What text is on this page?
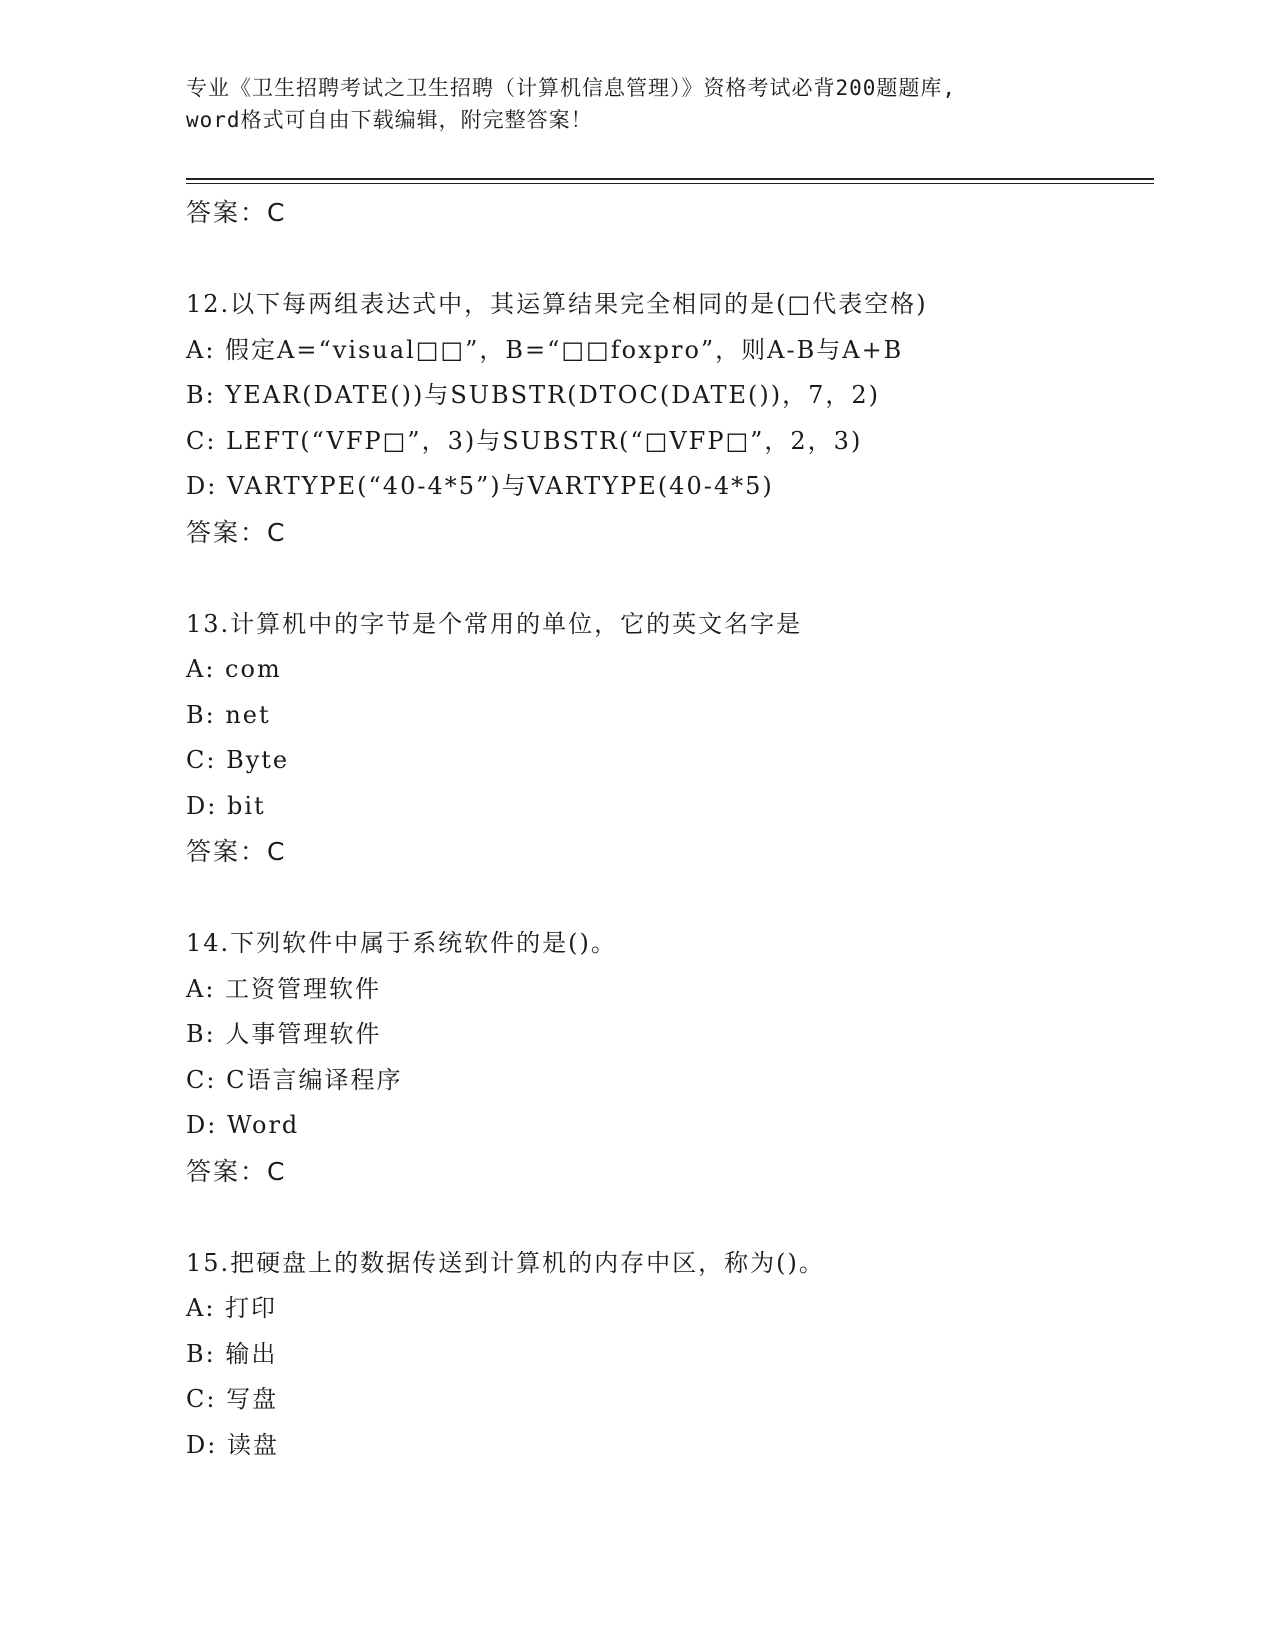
专业《卫生招聘考试之卫生招聘（计算机信息管理）》资格考试必背200题题库,
word格式可自由下载编辑，附完整答案！
答案：C
12.以下每两组表达式中，其运算结果完全相同的是(□代表空格)
A: 假定A=“visual□□”，B=“□□foxpro”，则A-B与A+B
B: YEAR(DATE())与SUBSTR(DTOC(DATE())，7，2)
C: LEFT(“VFP□”，3)与SUBSTR(“□VFP□”，2，3)
D: VARTYPE(“40-4*5”)与VARTYPE(40-4*5)
答案：C
13.计算机中的字节是个常用的单位，它的英文名字是
A: com
B: net
C: Byte
D: bit
答案：C
14.下列软件中属于系统软件的是()。
A: 工资管理软件
B: 人事管理软件
C: C语言编译程序
D: Word
答案：C
15.把硬盘上的数据传送到计算机的内存中区，称为()。
A: 打印
B: 输出
C: 写盘
D: 读盘
